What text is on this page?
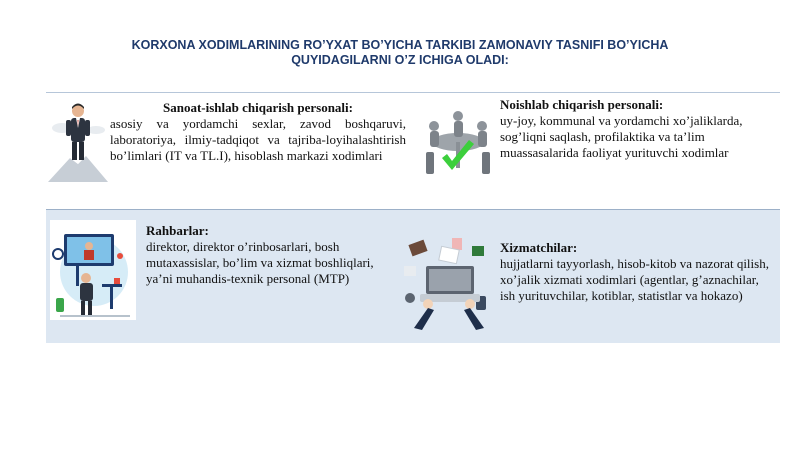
KORXONA XODIMLARINING RO’YXAT BO’YICHA TARKIBI ZAMONAVIY TASNIFI BO’YICHA
QUYIDAGILARNI O’Z ICHIGA OLADI:
Sanoat-ishlab chiqarish personali:
asosiy va yordamchi sexlar, zavod boshqaruvi, laboratoriya, ilmiy-tadqiqot va tajriba-loyihalashtirish bo’limlari (IT va TL.I), hisoblash markazi xodimlari
Noishlab chiqarish personali:
uy-joy, kommunal va yordamchi xo’jaliklarda, sog’liqni saqlash, profilaktika va ta’lim muassasalarida faoliyat yurituvchi xodimlar
Rahbarlar:
direktor, direktor o’rinbosarlari, bosh mutaxassislar, bo’lim va xizmat boshliqlari, ya’ni muhandis-texnik personal (MTP)
Xizmatchilar:
hujjatlarni tayyorlash, hisob-kitob va nazorat qilish, xo’jalik xizmati xodimlari (agentlar, g’aznachilar, ish yurituvchilar, kotiblar, statistlar va hokazo)
